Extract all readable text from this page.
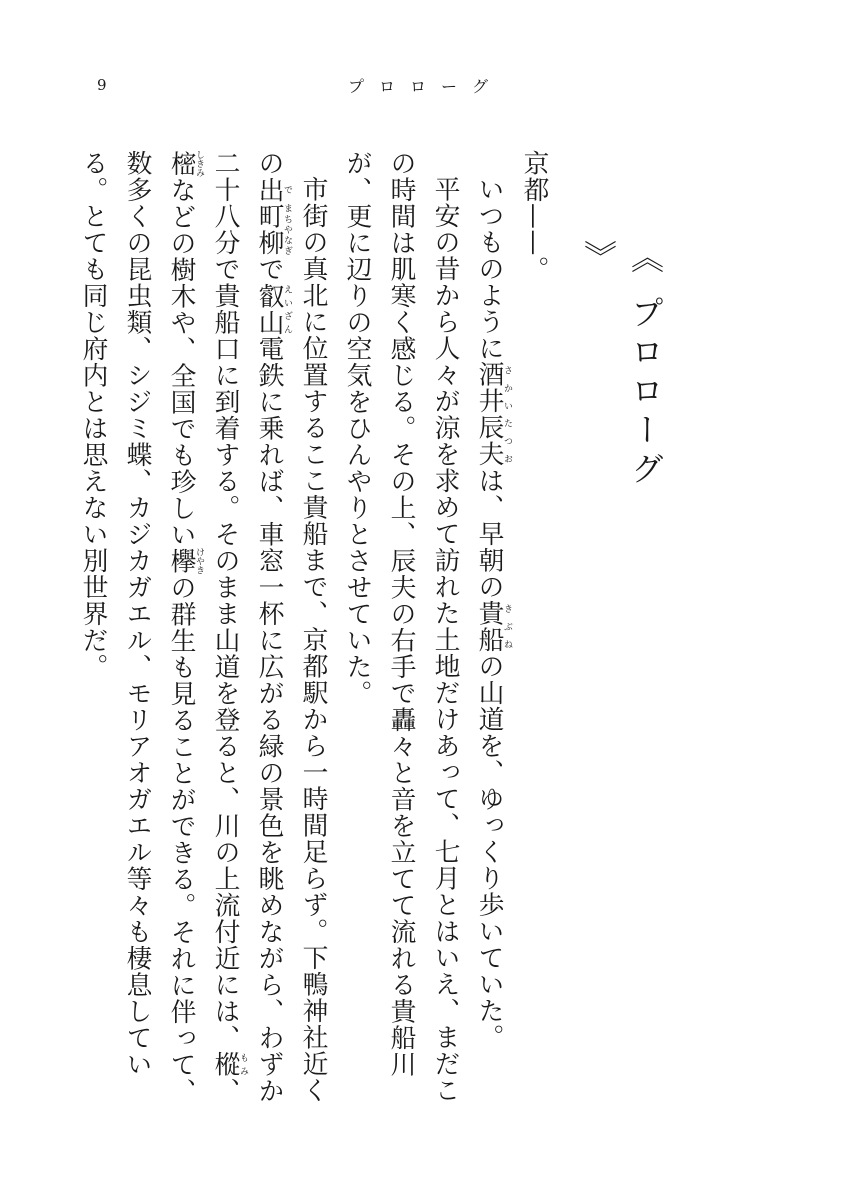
9	プロローグ
《 プロローグ 》

京都——。

いつものように酒井さかい辰夫たつおは、早朝の貴船きぶねの山道を、ゆっくり歩いていた。

平安の昔から人々が涼を求めて訪れた土地だけあって、七月とはいえ、まだこの時間は肌寒く感じる。その上、辰夫の右手で轟々と音を立てて流れる貴船川が、更に辺りの空気をひんやりとさせていた。

市街の真北に位置するここ貴船まで、京都駅から一時間足らず。下鴨神社近くの出で町柳まちやなぎで叡山えいざん電鉄に乗れば、車窓一杯に広がる緑の景色を眺めながら、わずか二十八分で貴船口に到着する。そのまま山道を登ると、川の上流付近には、樅もみ、樒しきみなどの樹木や、全国でも珍しい欅けやきの群生も見ることができる。それに伴って、数多くの昆虫類、シジミ蝶、カジカガエル、モリアオガエル等々も棲息している。とても同じ府内とは思えない別世界だ。
